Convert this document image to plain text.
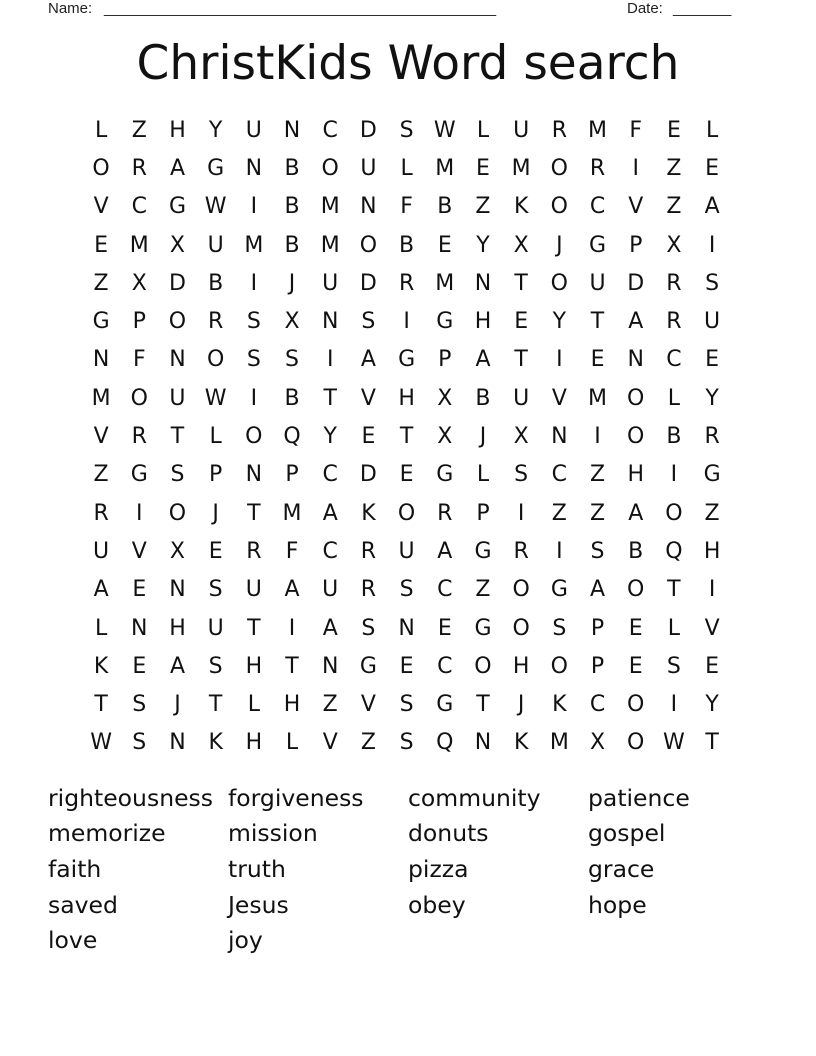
Name: _______________________________________________	Date: _______
ChristKids Word search
L	Z	H	Y	U N	C	D	S W L	U	R M	F	E	L
O R	A	G N	B O U	L	M E M O R	I	Z	E
V	C G W	I	B M N	F	B	Z	K	O C	V	Z	A
E M X	U M B M O B	E	Y	X	J	G	P	X	I
Z	X	D	B	I	J	U D	R M N	T	O U D	R	S
G	P	O R	S	X	N	S	I	G H	E	Y	T	A	R	U
N	F	N O	S	S	I	A	G	P	A	T	I	E	N	C	E
M O U W	I	B	T	V	H	X	B	U	V M O	L	Y
V	R	T	L	O Q	Y	E	T	X	J	X	N	I	O B	R
Z	G	S	P	N	P	C	D	E	G	L	S	C	Z	H	I	G
R	I	O	J	T M A	K	O R	P	I	Z	Z	A O Z
U	V	X	E	R	F	C	R	U	A	G	R	I	S	B Q H
A	E	N	S	U	A	U	R	S	C	Z O G	A O	T	I
L	N H U	T	I	A	S	N	E	G O	S	P	E	L	V
K	E	A	S	H	T	N G	E	C O H O	P	E	S	E
T	S	J	T	L	H	Z	V	S	G	T	J	K	C O	I	Y
W S	N	K	H	L	V	Z	S	Q N	K M X O W T
righteousness forgiveness	community	patience
memorize	mission	donuts	gospel
faith	truth	pizza	grace
saved	Jesus	obey	hope
love	joy
